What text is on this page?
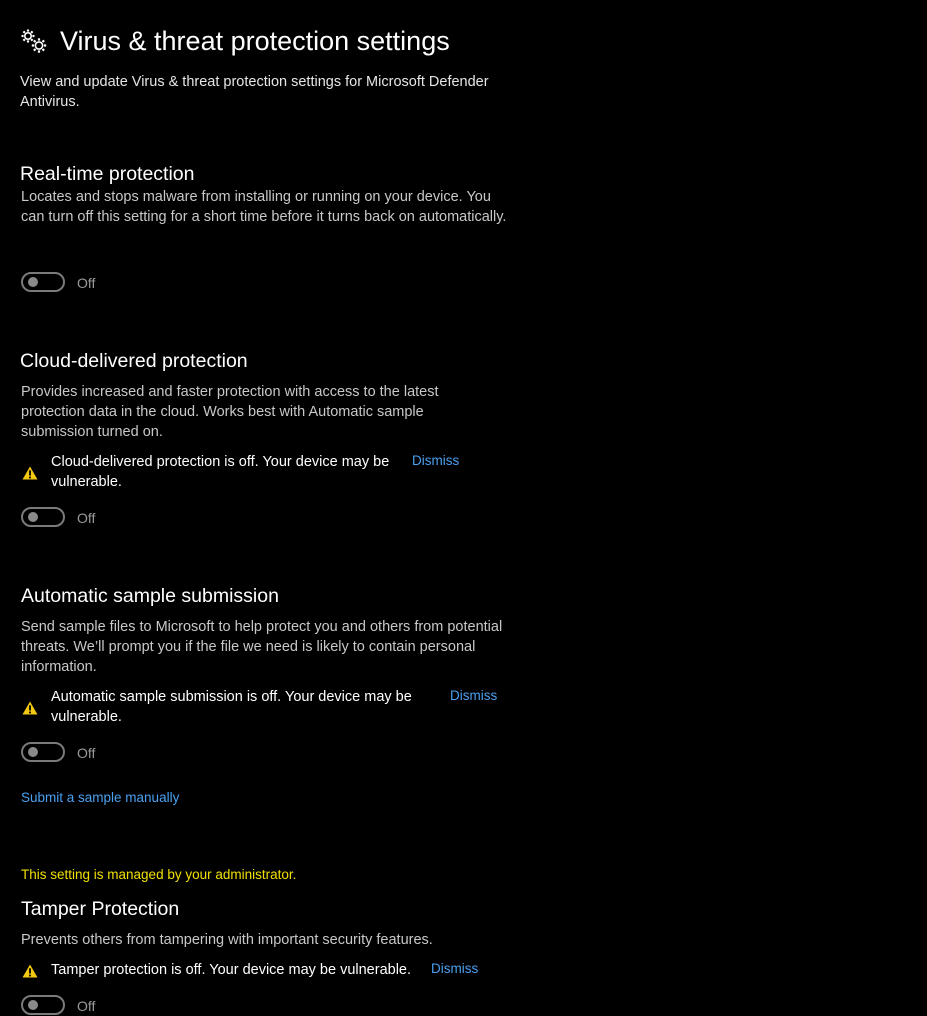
Virus & threat protection settings
View and update Virus & threat protection settings for Microsoft Defender Antivirus.
Real-time protection
Locates and stops malware from installing or running on your device. You can turn off this setting for a short time before it turns back on automatically.
Off
Cloud-delivered protection
Provides increased and faster protection with access to the latest protection data in the cloud. Works best with Automatic sample submission turned on.
Cloud-delivered protection is off. Your device may be vulnerable.
Dismiss
Off
Automatic sample submission
Send sample files to Microsoft to help protect you and others from potential threats. We’ll prompt you if the file we need is likely to contain personal information.
Automatic sample submission is off. Your device may be vulnerable.
Dismiss
Off
Submit a sample manually
This setting is managed by your administrator.
Tamper Protection
Prevents others from tampering with important security features.
Tamper protection is off. Your device may be vulnerable. Dismiss
Off
